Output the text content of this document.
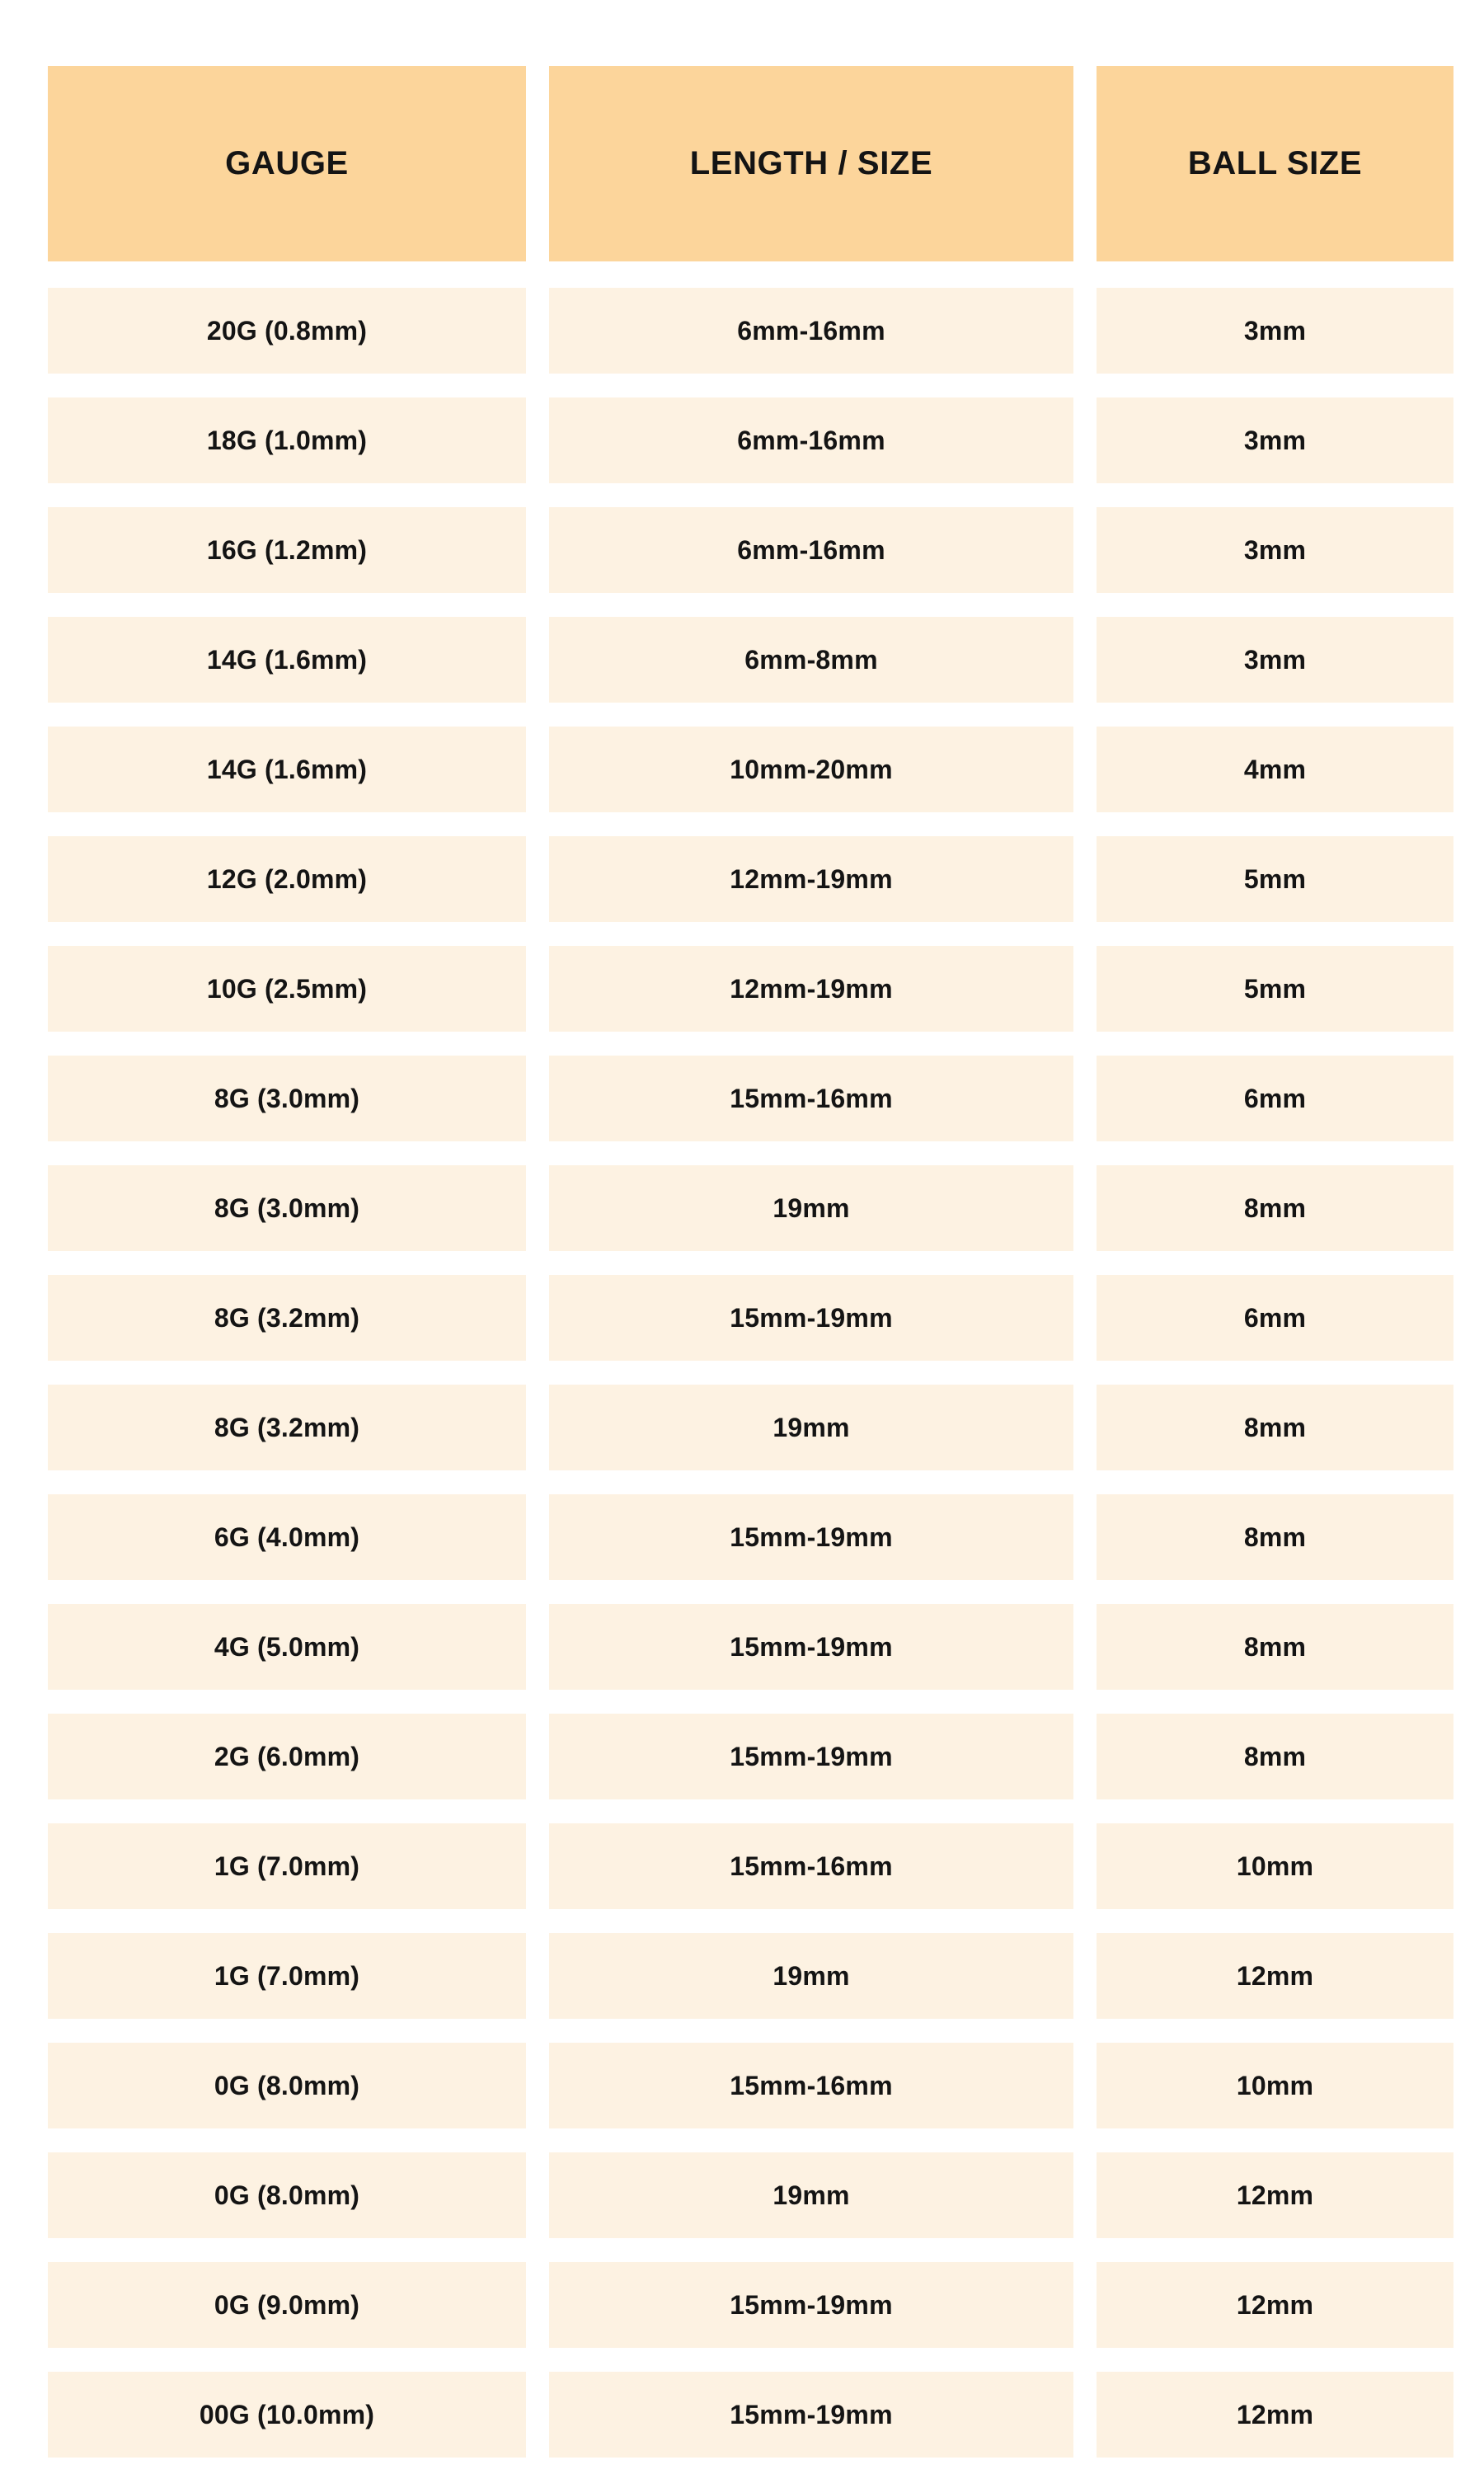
GAUGE	LENGTH / SIZE	BALL SIZE
20G (0.8mm)	6mm-16mm	3mm
18G (1.0mm)	6mm-16mm	3mm
16G (1.2mm)	6mm-16mm	3mm
14G (1.6mm)	6mm-8mm	3mm
14G (1.6mm)	10mm-20mm	4mm
12G (2.0mm)	12mm-19mm	5mm
10G (2.5mm)	12mm-19mm	5mm
8G (3.0mm)	15mm-16mm	6mm
8G (3.0mm)	19mm	8mm
8G (3.2mm)	15mm-19mm	6mm
8G (3.2mm)	19mm	8mm
6G (4.0mm)	15mm-19mm	8mm
4G (5.0mm)	15mm-19mm	8mm
2G (6.0mm)	15mm-19mm	8mm
1G (7.0mm)	15mm-16mm	10mm
1G (7.0mm)	19mm	12mm
0G (8.0mm)	15mm-16mm	10mm
0G (8.0mm)	19mm	12mm
0G (9.0mm)	15mm-19mm	12mm
00G (10.0mm)	15mm-19mm	12mm
